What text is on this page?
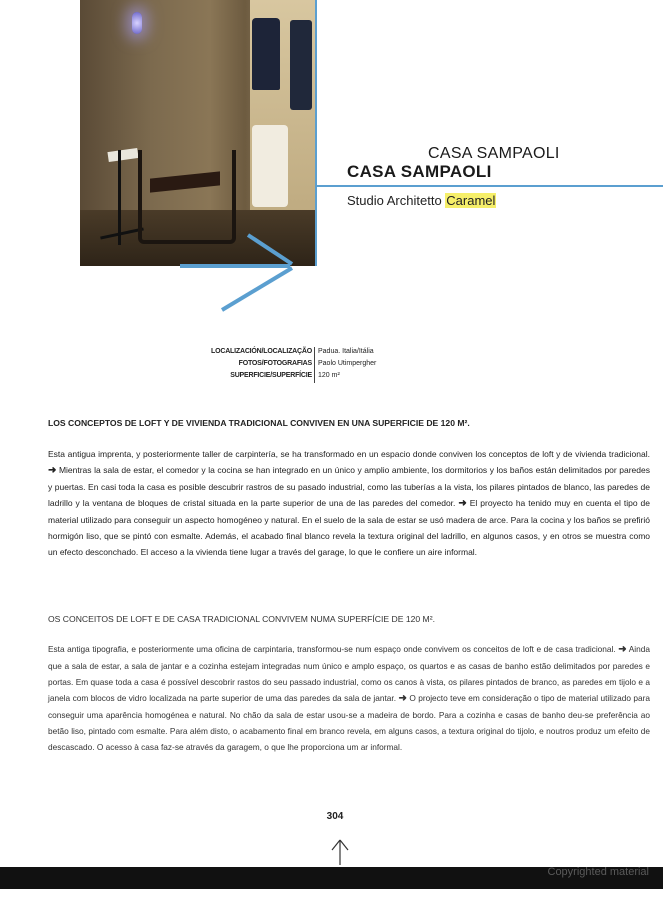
CASA SAMPAOLI
CASA SAMPAOLI
Studio Architetto Caramel
LOCALIZACIÓN/LOCALIZAÇÃO
FOTOS/FOTOGRAFIAS
SUPERFICIE/SUPERFÍCIE
Padua. Italia/Itália
Paolo Utimpergher
120 m²
LOS CONCEPTOS DE LOFT Y DE VIVIENDA TRADICIONAL CONVIVEN EN UNA SUPERFICIE DE 120 M².
Esta antigua imprenta, y posteriormente taller de carpintería, se ha transformado en un espacio donde conviven los conceptos de loft y de vivienda tradicional. ➜ Mientras la sala de estar, el comedor y la cocina se han integrado en un único y amplio ambiente, los dormitorios y los baños están delimitados por paredes y puertas. En casi toda la casa es posible descubrir rastros de su pasado industrial, como las tuberías a la vista, los pilares pintados de blanco, las paredes de ladrillo y la ventana de bloques de cristal situada en la parte superior de una de las paredes del comedor. ➜ El proyecto ha tenido muy en cuenta el tipo de material utilizado para conseguir un aspecto homogéneo y natural. En el suelo de la sala de estar se usó madera de arce. Para la cocina y los baños se prefirió hormigón liso, que se pintó con esmalte. Además, el acabado final blanco revela la textura original del ladrillo, en algunos casos, y en otros se muestra como un efecto desconchado. El acceso a la vivienda tiene lugar a través del garage, lo que le confiere un aire informal.
OS CONCEITOS DE LOFT E DE CASA TRADICIONAL CONVIVEM NUMA SUPERFÍCIE DE 120 M².
Esta antiga tipografia, e posteriormente uma oficina de carpintaria, transformou-se num espaço onde convivem os conceitos de loft e de casa tradicional. ➜ Ainda que a sala de estar, a sala de jantar e a cozinha estejam integradas num único e amplo espaço, os quartos e as casas de banho estão delimitados por paredes e portas. Em quase toda a casa é possível descobrir rastos do seu passado industrial, como os canos à vista, os pilares pintados de branco, as paredes em tijolo e a janela com blocos de vidro localizada na parte superior de uma das paredes da sala de jantar. ➜ O projecto teve em consideração o tipo de material utilizado para conseguir uma aparência homogénea e natural. No chão da sala de estar usou-se a madeira de bordo. Para a cozinha e casas de banho deu-se preferência ao betão liso, pintado com esmalte. Para além disto, o acabamento final em branco revela, em alguns casos, a textura original do tijolo, e noutros produz um efeito de descascado. O acesso à casa faz-se através da garagem, o que lhe proporciona um ar informal.
304
Copyrighted material
